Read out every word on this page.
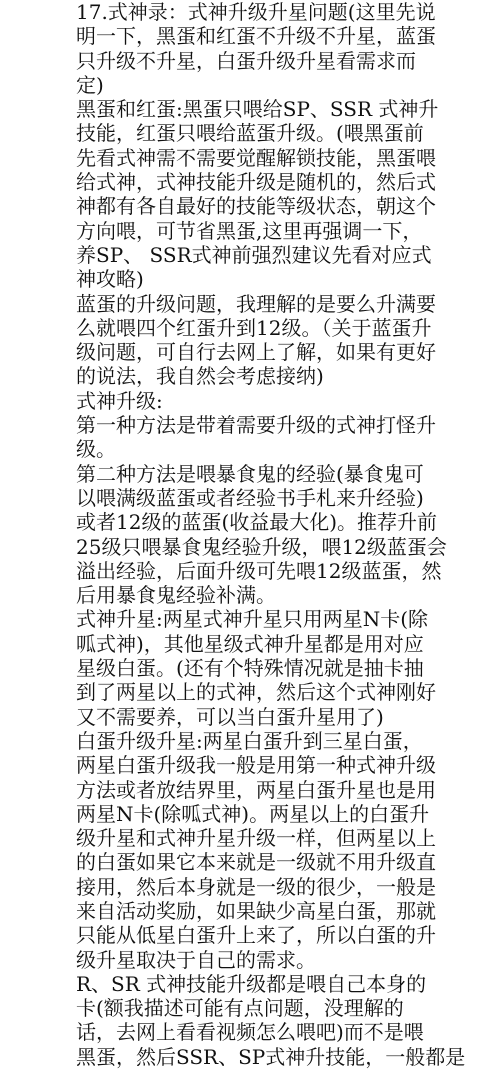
17.式神录：式神升级升星问题(这里先说
明一下，黑蛋和红蛋不升级不升星，蓝蛋
只升级不升星，白蛋升级升星看需求而
定)
黑蛋和红蛋:黑蛋只喂给SP、SSR 式神升
技能，红蛋只喂给蓝蛋升级。(喂黑蛋前
先看式神需不需要觉醒解锁技能，黑蛋喂
给式神，式神技能升级是随机的，然后式
神都有各自最好的技能等级状态，朝这个
方向喂，可节省黑蛋,这里再强调一下，
养SP、 SSR式神前强烈建议先看对应式
神攻略)
蓝蛋的升级问题，我理解的是要么升满要
么就喂四个红蛋升到12级。（关于蓝蛋升
级问题，可自行去网上了解，如果有更好
的说法，我自然会考虑接纳)
式神升级:
第一种方法是带着需要升级的式神打怪升
级。
第二种方法是喂暴食鬼的经验(暴食鬼可
以喂满级蓝蛋或者经验书手札来升经验)
或者12级的蓝蛋(收益最大化)。推荐升前
25级只喂暴食鬼经验升级，喂12级蓝蛋会
溢出经验，后面升级可先喂12级蓝蛋，然
后用暴食鬼经验补满。
式神升星:两星式神升星只用两星N卡(除
呱式神)，其他星级式神升星都是用对应
星级白蛋。(还有个特殊情况就是抽卡抽
到了两星以上的式神，然后这个式神刚好
又不需要养，可以当白蛋升星用了)
白蛋升级升星:两星白蛋升到三星白蛋，
两星白蛋升级我一般是用第一种式神升级
方法或者放结界里，两星白蛋升星也是用
两星N卡(除呱式神)。两星以上的白蛋升
级升星和式神升星升级一样，但两星以上
的白蛋如果它本来就是一级就不用升级直
接用，然后本身就是一级的很少，一般是
来自活动奖励，如果缺少高星白蛋，那就
只能从低星白蛋升上来了，所以白蛋的升
级升星取决于自己的需求。
R、SR 式神技能升级都是喂自己本身的
卡(额我描述可能有点问题，没理解的
话，去网上看看视频怎么喂吧)而不是喂
黑蛋，然后SSR、SP式神升技能，一般都是
